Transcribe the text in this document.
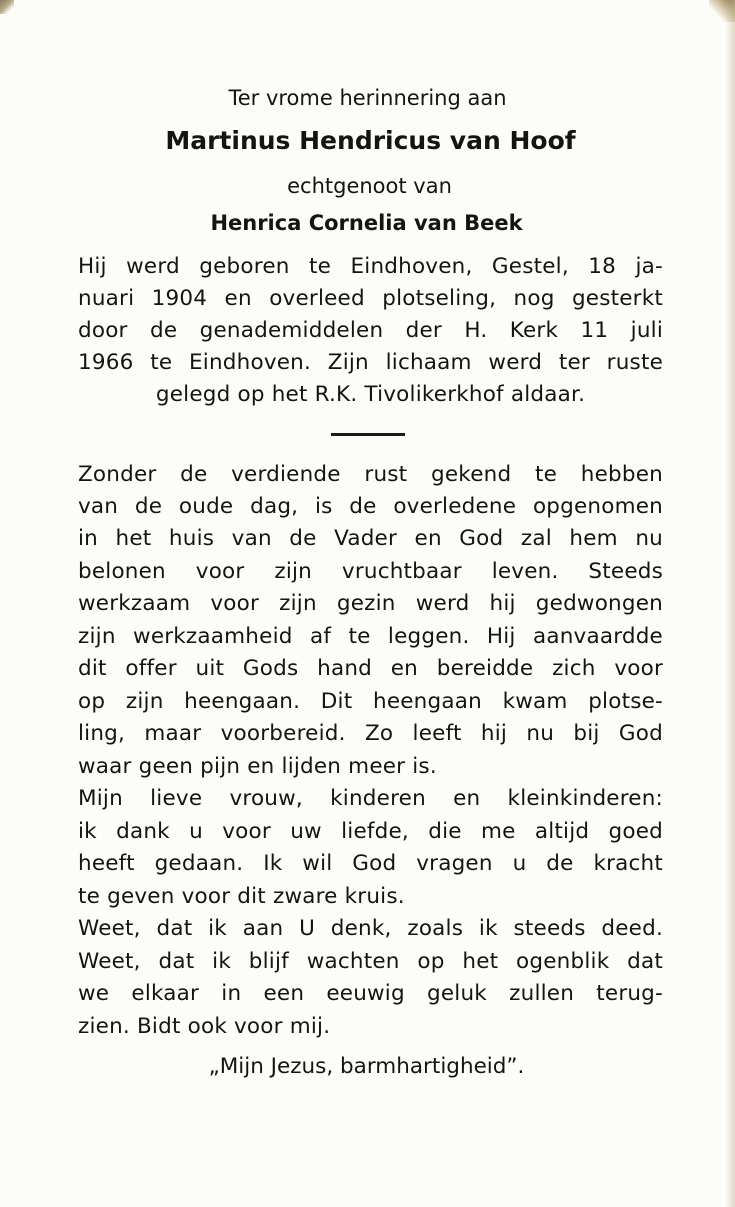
Ter vrome herinnering aan
Martinus Hendricus van Hoof
echtgenoot van
Henrica Cornelia van Beek
Hij werd geboren te Eindhoven, Gestel, 18 ja-
nuari 1904 en overleed plotseling, nog gesterkt
door de genademiddelen der H. Kerk 11 juli
1966 te Eindhoven. Zijn lichaam werd ter ruste
gelegd op het R.K. Tivolikerkhof aldaar.
Zonder de verdiende rust gekend te hebben
van de oude dag, is de overledene opgenomen
in het huis van de Vader en God zal hem nu
belonen voor zijn vruchtbaar leven. Steeds
werkzaam voor zijn gezin werd hij gedwongen
zijn werkzaamheid af te leggen. Hij aanvaardde
dit offer uit Gods hand en bereidde zich voor
op zijn heengaan. Dit heengaan kwam plotse-
ling, maar voorbereid. Zo leeft hij nu bij God
waar geen pijn en lijden meer is.
Mijn lieve vrouw, kinderen en kleinkinderen:
ik dank u voor uw liefde, die me altijd goed
heeft gedaan. Ik wil God vragen u de kracht
te geven voor dit zware kruis.
Weet, dat ik aan U denk, zoals ik steeds deed.
Weet, dat ik blijf wachten op het ogenblik dat
we elkaar in een eeuwig geluk zullen terug-
zien. Bidt ook voor mij.
„Mijn Jezus, barmhartigheid”.
